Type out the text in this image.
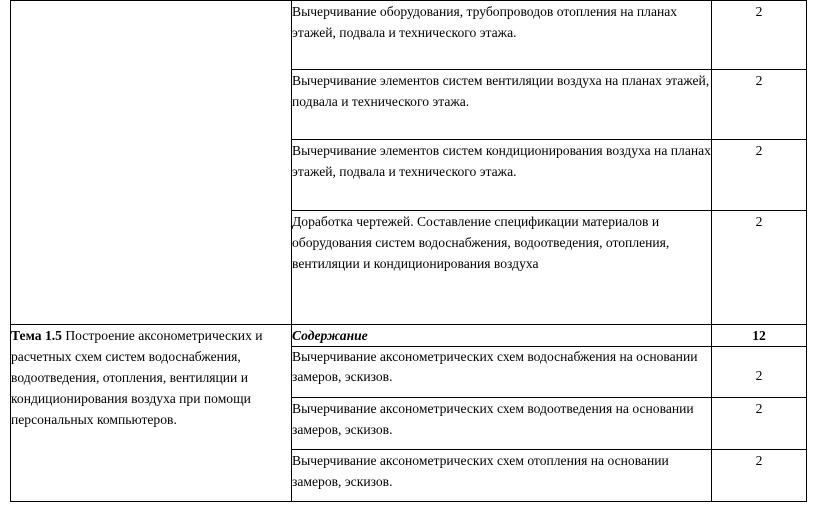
	Вычерчивание оборудования, трубопроводов отопления на планах этажей, подвала и технического этажа.	2
	Вычерчивание элементов систем вентиляции воздуха на планах этажей, подвала и технического этажа.	2
	Вычерчивание элементов систем кондиционирования воздуха на планах этажей, подвала и технического этажа.	2
	Доработка чертежей. Составление спецификации материалов и оборудования систем водоснабжения, водоотведения, отопления, вентиляции и кондиционирования воздуха	2
Тема 1.5 Построение аксонометрических и расчетных схем систем водоснабжения, водоотведения, отопления, вентиляции и кондиционирования воздуха при помощи персональных компьютеров.	Содержание	12
	Вычерчивание аксонометрических схем водоснабжения на основании замеров, эскизов.	2
	Вычерчивание аксонометрических схем водоотведения на основании замеров, эскизов.	2
	Вычерчивание аксонометрических схем отопления на основании замеров, эскизов.	2
